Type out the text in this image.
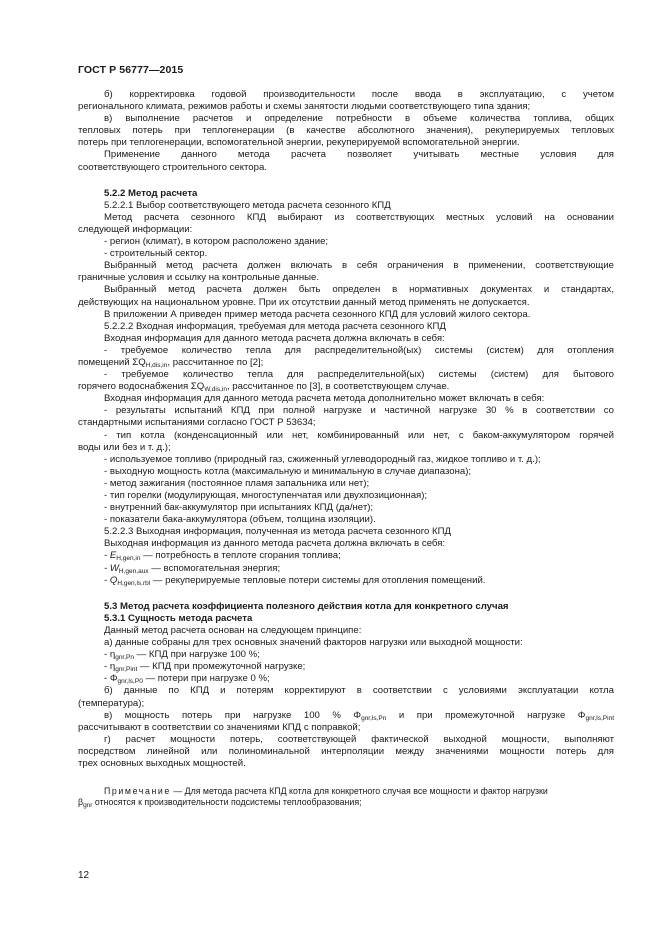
ГОСТ Р 56777—2015
б) корректировка годовой производительности после ввода в эксплуатацию, с учетом
регионального климата, режимов работы и схемы занятости людьми соответствующего типа здания;
в) выполнение расчетов и определение потребности в объеме количества топлива, общих
тепловых потерь при теплогенерации (в качестве абсолютного значения), рекуперируемых тепловых
потерь при теплогенерации, вспомогательной энергии, рекуперируемой вспомогательной энергии.
Применение данного метода расчета позволяет учитывать местные условия для
соответствующего строительного сектора.
5.2.2 Метод расчета
5.2.2.1 Выбор соответствующего метода расчета сезонного КПД
Метод расчета сезонного КПД выбирают из соответствующих местных условий на основании
следующей информации:
- регион (климат), в котором расположено здание;
- строительный сектор.
Выбранный метод расчета должен включать в себя ограничения в применении, соответствующие
граничные условия и ссылку на контрольные данные.
Выбранный метод расчета должен быть определен в нормативных документах и стандартах,
действующих на национальном уровне. При их отсутствии данный метод применять не допускается.
В приложении А приведен пример метода расчета сезонного КПД для условий жилого сектора.
5.2.2.2 Входная информация, требуемая для метода расчета сезонного КПД
Входная информация для данного метода расчета должна включать в себя:
- требуемое количество тепла для распределительной(ых) системы (систем) для отопления
помещений $\Sigma Q_{H,dis,in}$, рассчитанное по [2];
- требуемое количество тепла для распределительной(ых) системы (систем) для бытового
горячего водоснабжения $\Sigma Q_{W,dis,in}$, рассчитанное по [3], в соответствующем случае.
Входная информация для данного метода расчета метода дополнительно может включать в себя:
- результаты испытаний КПД при полной нагрузке и частичной нагрузке 30 % в соответствии со
стандартными испытаниями согласно ГОСТ Р 53634;
- тип котла (конденсационный или нет, комбинированный или нет, с бакoм-аккумулятором горячей
воды или без и т. д.);
- используемое топливо (природный газ, сжиженный углеводородный газ, жидкое топливо и т. д.);
- выходную мощность котла (максимальную и минимальную в случае диапазона);
- метод зажигания (постоянное пламя запальника или нет);
- тип горелки (модулирующая, многоступенчатая или двухпозиционная);
- внутренний бак-аккумулятор при испытаниях КПД (да/нет);
- показатели бака-аккумулятора (объем, толщина изоляции).
5.2.2.3 Выходная информация, полученная из метода расчета сезонного КПД
Выходная информация из данного метода расчета должна включать в себя:
- $E_{H,gen,in}$ — потребность в теплоте сгорания топлива;
- $W_{H,gen,aux}$ — вспомогательная энергия;
- $Q_{H,gen,ls,rbl}$ — рекуперируемые тепловые потери системы для отопления помещений.
5.3 Метод расчета коэффициента полезного действия котла для конкретного случая
5.3.1 Сущность метода расчета
Данный метод расчета основан на следующем принципе:
а) данные собраны для трех основных значений факторов нагрузки или выходной мощности:
- $\eta_{gnr,Pn}$ — КПД при нагрузке 100 %;
- $\eta_{gnr,Pint}$ — КПД при промежуточной нагрузке;
- $\Phi_{gnr,ls,P0}$ — потери при нагрузке 0 %;
б) данные по КПД и потерям корректируют в соответствии с условиями эксплуатации котла
(температура);
в) мощность потерь при нагрузке 100 % $\Phi_{gnr,ls,Pn}$ и при промежуточной нагрузке $\Phi_{gnr,ls,Pint}$
рассчитывают в соответствии со значениями КПД с поправкой;
г) расчет мощности потерь, соответствующей фактической выходной мощности, выполняют
посредством линейной или полиноминальной интерполяции между значениями мощности потерь для
трех основных выходных мощностей.
Примечание — Для метода расчета КПД котла для конкретного случая все мощности и фактор нагрузки
$\beta_{gnr}$ относятся к производительности подсистемы теплообразования;
12
